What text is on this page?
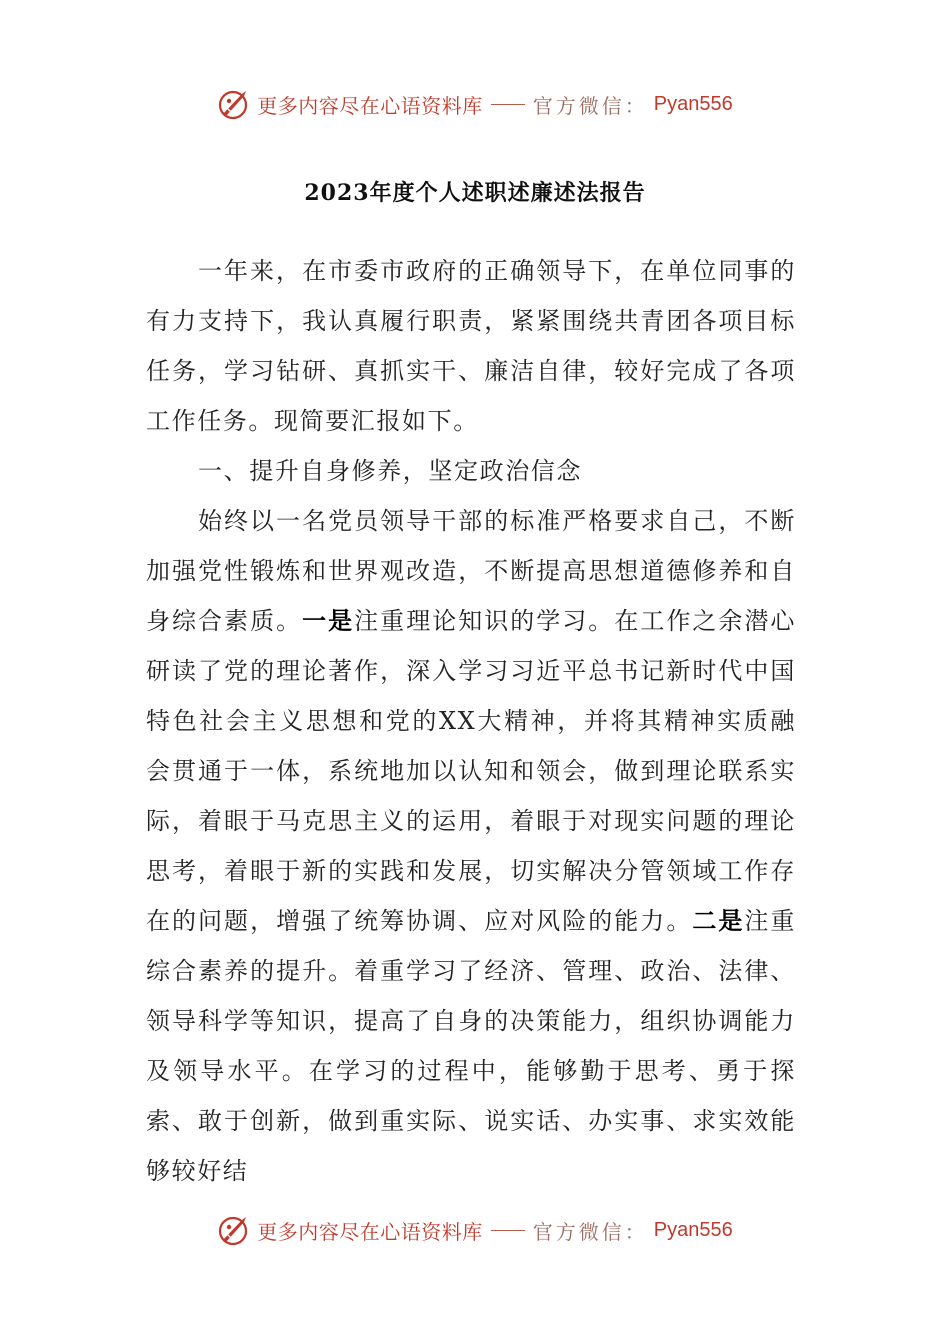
更多内容尽在心语资料库	官方微信： Pyan556
2023年度个人述职述廉述法报告

一年来，在市委市政府的正确领导下，在单位同事的有力支持下，我认真履行职责，紧紧围绕共青团各项目标任务，学习钻研、真抓实干、廉洁自律，较好完成了各项工作任务。现简要汇报如下。

一、提升自身修养，坚定政治信念

始终以一名党员领导干部的标准严格要求自己，不断加强党性锻炼和世界观改造，不断提高思想道德修养和自身综合素质。一是注重理论知识的学习。在工作之余潜心研读了党的理论著作，深入学习习近平总书记新时代中国特色社会主义思想和党的XX大精神，并将其精神实质融会贯通于一体，系统地加以认知和领会，做到理论联系实际，着眼于马克思主义的运用，着眼于对现实问题的理论思考，着眼于新的实践和发展，切实解决分管领域工作存在的问题，增强了统筹协调、应对风险的能力。二是注重综合素养的提升。着重学习了经济、管理、政治、法律、领导科学等知识，提高了自身的决策能力，组织协调能力及领导水平。在学习的过程中，能够勤于思考、勇于探索、敢于创新，做到重实际、说实话、办实事、求实效能够较好结

更多内容尽在心语资料库	官方微信： Pyan556
